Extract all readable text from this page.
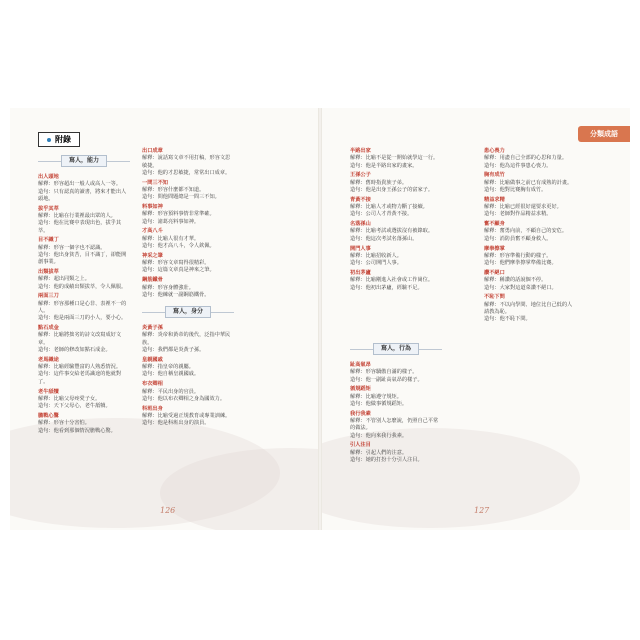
附錄
寫人，能力
出人頭地
解釋：形容超出一般人或高人一等。
造句：只有認真的讀書，將來才能出人頭地。
拔乎其萃
解釋：比喻在行業裡最出眾的人。
造句：他在比賽中表現出色，拔乎其萃。
目不識丁
解釋：形容一個字也不認識。
造句：他出身貧苦，目不識丁，卻能開創事業。
出類拔萃
解釋：超出同類之上。
造句：他的成績出類拔萃，令人佩服。
兩面三刀
解釋：形容那種口是心非、表裡不一的人。
造句：他是兩面三刀的小人，要小心。
點石成金
解釋：比喻將拙劣的詩文改寫成好文章。
造句：老師的修改如點石成金。
老馬識途
解釋：比喻經驗豐富的人熟悉情況。
造句：這件事交給老馬識途的他就對了。
老牛舐犢
解釋：比喻父母疼愛子女。
造句：天下父母心，老牛舐犢。
膽戰心驚
解釋：形容十分害怕。
造句：他看到那個情況膽戰心驚。
出口成章
解釋：說話寫文章不用打稿，形容文思敏捷。
造句：他的才思敏捷，常常出口成章。
一問三不知
解釋：形容什麼都不知道。
造句：問他問題總是一問三不知。
料事如神
解釋：形容預料事情非常準確。
造句：諸葛亮料事如神。
才高八斗
解釋：比喻人很有才華。
造句：他才高八斗，令人欽佩。
神采之筆
解釋：形容文章寫得很精彩。
造句：這篇文章真是神來之筆。
鋼筋鐵骨
解釋：形容身體強壯。
造句：他練就一副鋼筋鐵骨。
寫人，身分
炎黃子孫
解釋：炎帝和黃帝的後代，泛指中華民族。
造句：我們都是炎黃子孫。
皇親國戚
解釋：指皇帝的親屬。
造句：他自稱皇親國戚。
布衣卿相
解釋：平民出身的官員。
造句：他以布衣卿相之身為國效力。
科班出身
解釋：比喻受過正規教育或專業訓練。
造句：他是科班出身的演員。
126
分類成語
半路出家
解釋：比喻不是從一開始就學這一行。
造句：他是半路出家的畫家。
王孫公子
解釋：舊時指貴族子弟。
造句：他是出身王孫公子的富家子。
青黃不接
解釋：比喻人才或物力斷了接續。
造句：公司人才青黃不接。
名落孫山
解釋：比喻考試或選拔沒有被錄取。
造句：他這次考試名落孫山。
開門人事
解釋：比喻招收新人。
造句：公司開門人事。
初出茅廬
解釋：比喻剛進入社會或工作崗位。
造句：他初出茅廬，經驗不足。
寫人，行為
趾高氣昂
解釋：形容驕傲自滿的樣子。
造句：他一副趾高氣昂的樣子。
循規蹈矩
解釋：比喻遵守規矩。
造句：他做事循規蹈矩。
我行我素
解釋：不管別人怎麼說，仍照自己平常的做法。
造句：他向來我行我素。
引人注目
解釋：引起人們的注意。
造句：她的打扮十分引人注目。
患心喪力
解釋：用盡自己全部的心思和力量。
造句：他為這件事患心喪力。
胸有成竹
解釋：比喻做事之前已有成熟的計畫。
造句：他對比賽胸有成竹。
精益求精
解釋：比喻已經很好還要求更好。
造句：老師對作品精益求精。
奮不顧身
解釋：奮勇向前，不顧自己的安危。
造句：消防員奮不顧身救人。
摩拳擦掌
解釋：形容準備行動的樣子。
造句：他們摩拳擦掌準備比賽。
讚不絕口
解釋：稱讚的話說個不停。
造句：大家對這道菜讚不絕口。
不恥下問
解釋：不以向學問、地位比自己低的人請教為恥。
造句：他不恥下問。
127
